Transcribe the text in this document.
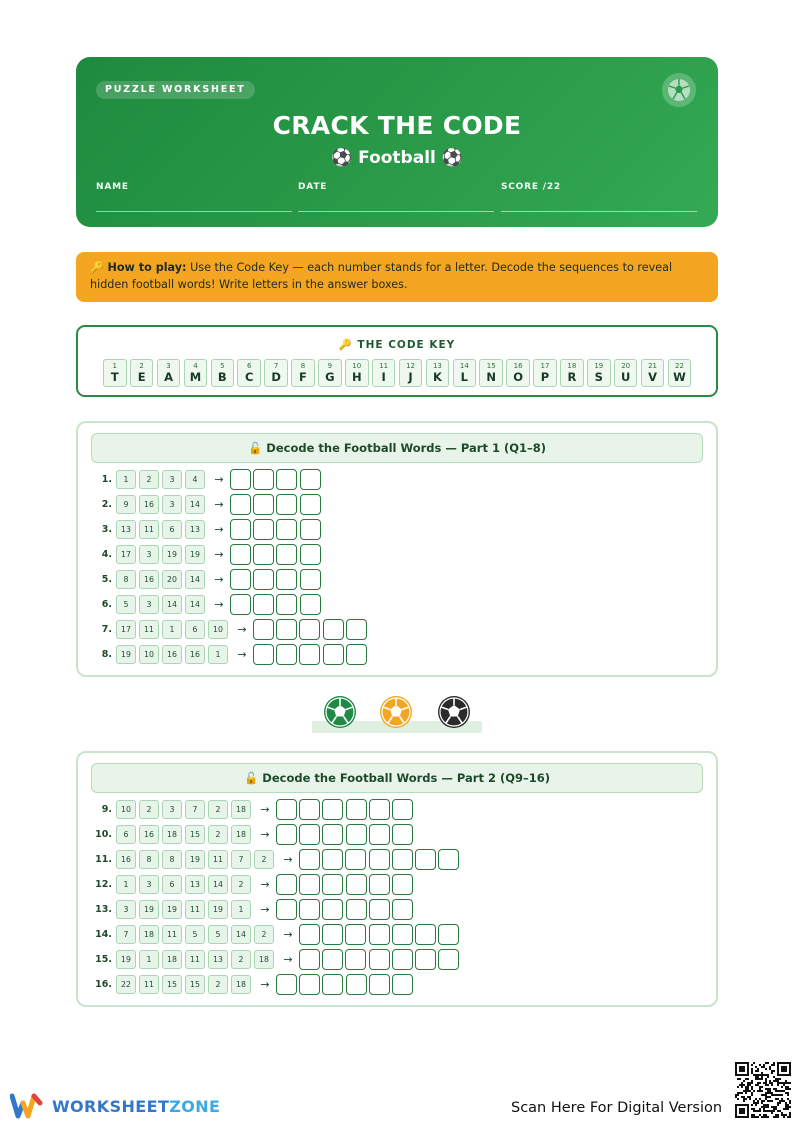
PUZZLE WORKSHEET
CRACK THE CODE
⚽ Football ⚽
NAME	DATE	SCORE /22
🔑 How to play: Use the Code Key — each number stands for a letter. Decode the sequences to reveal hidden football words! Write letters in the answer boxes.
🔑 THE CODE KEY
1
T
2
E
3
A
4
M
5
B
6
C
7
D
8
F
9
G
10
H
11
I
12
J
13
K
14
L
15
N
16
O
17
P
18
R
19
S
20
U
21
V
22
W
🔓 Decode the Football Words — Part 1 (Q1–8)
1.	1	2	3	4	→
2.	9	16	3	14	→
3.	13	11	6	13	→
4.	17	3	19	19	→
5.	8	16	20	14	→
6.	5	3	14	14	→
7.	17	11	1	6	10	→
8.	19	10	16	16	1	→
🔓 Decode the Football Words — Part 2 (Q9–16)
9.	10	2	3	7	2	18	→
10.	6	16	18	15	2	18	→
11.	16	8	8	19	11	7	2	→
12.	1	3	6	13	14	2	→
13.	3	19	19	11	19	1	→
14.	7	18	11	5	5	14	2	→
15.	19	1	18	11	13	2	18	→
16.	22	11	15	15	2	18	→
WORKSHEETZONE	Scan Here For Digital Version
